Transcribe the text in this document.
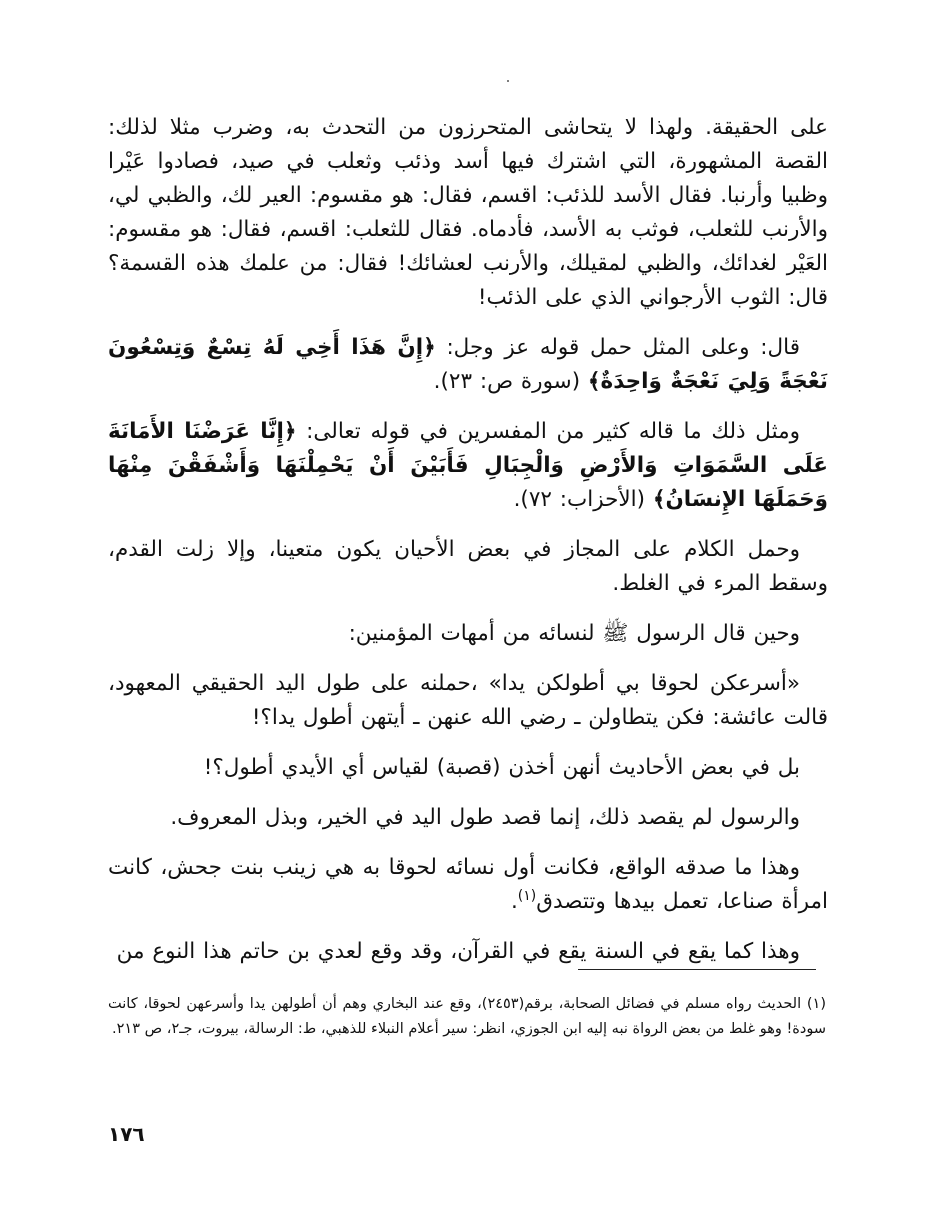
على الحقيقة. ولهذا لا يتحاشى المتحرزون من التحدث به، وضرب مثلا لذلك: القصة المشهورة، التي اشترك فيها أسد وذئب وثعلب في صيد، فصادوا عَيْرا وظبيا وأرنبا. فقال الأسد للذئب: اقسم، فقال: هو مقسوم: العير لك، والظبي لي، والأرنب للثعلب، فوثب به الأسد، فأدماه. فقال للثعلب: اقسم، فقال: هو مقسوم: العَيْر لغدائك، والظبي لمقيلك، والأرنب لعشائك! فقال: من علمك هذه القسمة؟ قال: الثوب الأرجواني الذي على الذئب!

قال: وعلى المثل حمل قوله عز وجل: ﴿إِنَّ هَذَا أَخِي لَهُ تِسْعٌ وَتِسْعُونَ نَعْجَةً وَلِيَ نَعْجَةٌ وَاحِدَةٌ﴾ (سورة ص: ٢٣).

ومثل ذلك ما قاله كثير من المفسرين في قوله تعالى: ﴿إِنَّا عَرَضْنَا الأَمَانَةَ عَلَى السَّمَوَاتِ وَالأَرْضِ وَالْجِبَالِ فَأَبَيْنَ أَنْ يَحْمِلْنَهَا وَأَشْفَقْنَ مِنْهَا وَحَمَلَهَا الإِنسَانُ﴾ (الأحزاب: ٧٢).

وحمل الكلام على المجاز في بعض الأحيان يكون متعينا، وإلا زلت القدم، وسقط المرء في الغلط.

وحين قال الرسول ﷺ لنسائه من أمهات المؤمنين:

«أسرعكن لحوقا بي أطولكن يدا» ،حملنه على طول اليد الحقيقي المعهود، قالت عائشة: فكن يتطاولن ـ رضي الله عنهن ـ أيتهن أطول يدا؟!

بل في بعض الأحاديث أنهن أخذن (قصبة) لقياس أي الأيدي أطول؟!

والرسول لم يقصد ذلك، إنما قصد طول اليد في الخير، وبذل المعروف.

وهذا ما صدقه الواقع، فكانت أول نسائه لحوقا به هي زينب بنت جحش، كانت امرأة صناعا، تعمل بيدها وتتصدق$^{(١)}$.

وهذا كما يقع في السنة يقع في القرآن، وقد وقع لعدي بن حاتم هذا النوع من

(١) الحديث رواه مسلم في فضائل الصحابة، برقم(٢٤٥٣)، وقع عند البخاري وهم أن أطولهن يدا وأسرعهن لحوقا، كانت سودة! وهو غلط من بعض الرواة نبه إليه ابن الجوزي، انظر: سير أعلام النبلاء للذهبي، ط: الرسالة، بيروت، جـ٢، ص ٢١٣.
١٧٦
